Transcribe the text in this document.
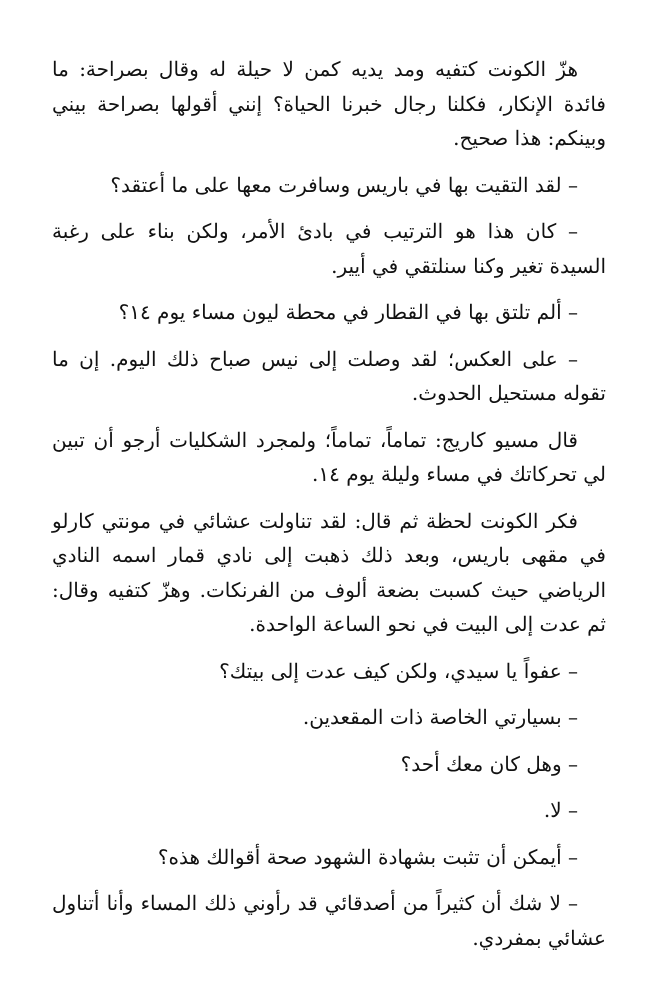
هزّ الكونت كتفيه ومد يديه كمن لا حيلة له وقال بصراحة: ما فائدة الإنكار، فكلنا رجال خبرنا الحياة؟ إنني أقولها بصراحة بيني وبينكم: هذا صحيح.

– لقد التقيت بها في باريس وسافرت معها على ما أعتقد؟

– كان هذا هو الترتيب في بادئ الأمر، ولكن بناء على رغبة السيدة تغير وكنا سنلتقي في أيير.

– ألم تلتق بها في القطار في محطة ليون مساء يوم ١٤؟

– على العكس؛ لقد وصلت إلى نيس صباح ذلك اليوم. إن ما تقوله مستحيل الحدوث.

قال مسيو كاريج: تماماً، تماماً؛ ولمجرد الشكليات أرجو أن تبين لي تحركاتك في مساء وليلة يوم ١٤.

فكر الكونت لحظة ثم قال: لقد تناولت عشائي في مونتي كارلو في مقهى باريس، وبعد ذلك ذهبت إلى نادي قمار اسمه النادي الرياضي حيث كسبت بضعة ألوف من الفرنكات. وهزّ كتفيه وقال: ثم عدت إلى البيت في نحو الساعة الواحدة.

– عفواً يا سيدي، ولكن كيف عدت إلى بيتك؟

– بسيارتي الخاصة ذات المقعدين.

– وهل كان معك أحد؟

– لا.

– أيمكن أن تثبت بشهادة الشهود صحة أقوالك هذه؟

– لا شك أن كثيراً من أصدقائي قد رأوني ذلك المساء وأنا أتناول عشائي بمفردي.
